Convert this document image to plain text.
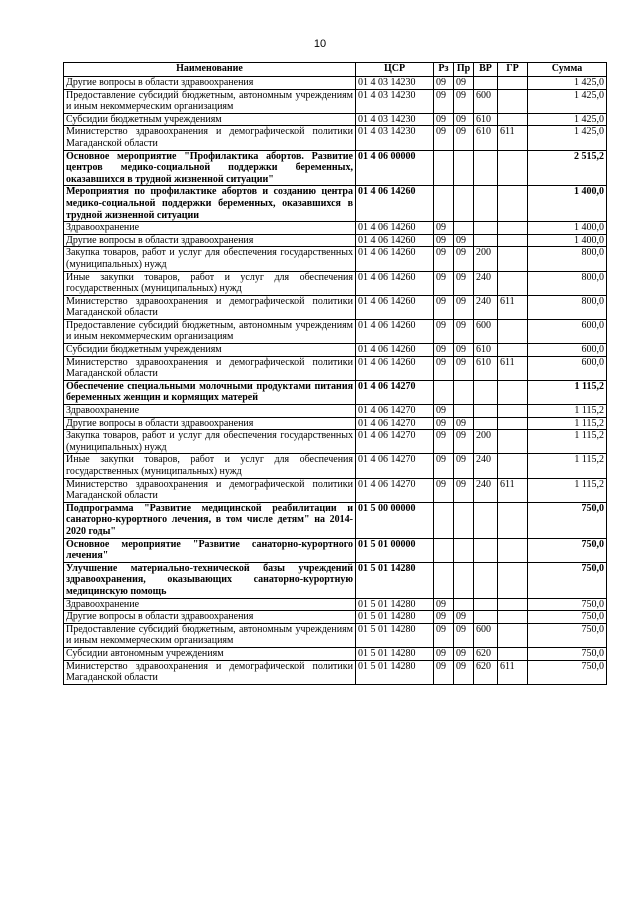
10
Наименование	ЦСР	Рз	Пр	ВР	ГР	Сумма
Другие вопросы в области здравоохранения	01 4 03 14230	09	09			1 425,0
Предоставление субсидий бюджетным, автономным учреждениям и иным некоммерческим организациям	01 4 03 14230	09	09	600		1 425,0
Субсидии бюджетным учреждениям	01 4 03 14230	09	09	610		1 425,0
Министерство здравоохранения и демографической политики Магаданской области	01 4 03 14230	09	09	610	611	1 425,0
Основное мероприятие "Профилактика абортов. Развитие центров медико-социальной поддержки беременных, оказавшихся в трудной жизненной ситуации"	01 4 06 00000					2 515,2
Мероприятия по профилактике абортов и созданию центра медико-социальной поддержки беременных, оказавшихся в трудной жизненной ситуации	01 4 06 14260					1 400,0
Здравоохранение	01 4 06 14260	09				1 400,0
Другие вопросы в области здравоохранения	01 4 06 14260	09	09			1 400,0
Закупка товаров, работ и услуг для обеспечения государственных (муниципальных) нужд	01 4 06 14260	09	09	200		800,0
Иные закупки товаров, работ и услуг для обеспечения государственных (муниципальных) нужд	01 4 06 14260	09	09	240		800,0
Министерство здравоохранения и демографической политики Магаданской области	01 4 06 14260	09	09	240	611	800,0
Предоставление субсидий бюджетным, автономным учреждениям и иным некоммерческим организациям	01 4 06 14260	09	09	600		600,0
Субсидии бюджетным учреждениям	01 4 06 14260	09	09	610		600,0
Министерство здравоохранения и демографической политики Магаданской области	01 4 06 14260	09	09	610	611	600,0
Обеспечение специальными молочными продуктами питания беременных женщин и кормящих матерей	01 4 06 14270					1 115,2
Здравоохранение	01 4 06 14270	09				1 115,2
Другие вопросы в области здравоохранения	01 4 06 14270	09	09			1 115,2
Закупка товаров, работ и услуг для обеспечения государственных (муниципальных) нужд	01 4 06 14270	09	09	200		1 115,2
Иные закупки товаров, работ и услуг для обеспечения государственных (муниципальных) нужд	01 4 06 14270	09	09	240		1 115,2
Министерство здравоохранения и демографической политики Магаданской области	01 4 06 14270	09	09	240	611	1 115,2
Подпрограмма "Развитие медицинской реабилитации и санаторно-курортного лечения, в том числе детям" на 2014-2020 годы"	01 5 00 00000					750,0
Основное мероприятие "Развитие санаторно-курортного лечения"	01 5 01 00000					750,0
Улучшение материально-технической базы учреждений здравоохранения, оказывающих санаторно-курортную медицинскую помощь	01 5 01 14280					750,0
Здравоохранение	01 5 01 14280	09				750,0
Другие вопросы в области здравоохранения	01 5 01 14280	09	09			750,0
Предоставление субсидий бюджетным, автономным учреждениям и иным некоммерческим организациям	01 5 01 14280	09	09	600		750,0
Субсидии автономным учреждениям	01 5 01 14280	09	09	620		750,0
Министерство здравоохранения и демографической политики Магаданской области	01 5 01 14280	09	09	620	611	750,0
